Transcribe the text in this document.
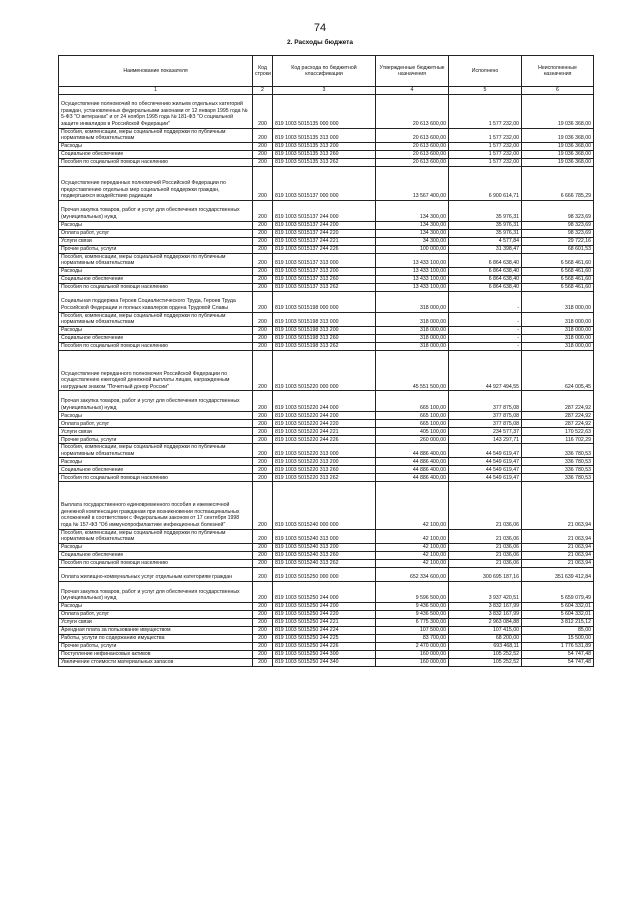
74
2. Расходы бюджета
Наименование показателя	Код строки	Код расхода по бюджетной классификации	Утвержденные бюджетные назначения	Исполнено	Неисполненные назначения
1	2	3	4	5	6
Осуществление полномочий по обеспечению жильем отдельных категорий граждан, установленных федеральными законами от 12 января 1995 года № 5-ФЗ "О ветеранах" и от 24 ноября 1995 года № 181-ФЗ "О социальной защите инвалидов в Российской Федерации"	200	819 1003 5015135 000 000	20 613 600,00	1 577 232,00	19 036 368,00
Пособия, компенсации, меры социальной поддержки по публичным нормативным обязательствам	200	819 1003 5015135 313 000	20 613 600,00	1 577 232,00	19 036 368,00
Расходы	200	819 1003 5015135 313 200	20 613 600,00	1 577 232,00	19 036 368,00
Социальное обеспечение	200	819 1003 5015135 313 260	20 613 600,00	1 577 232,00	19 036 368,00
Пособия по социальной помощи населению	200	819 1003 5015135 313 262	20 613 600,00	1 577 232,00	19 036 368,00
Осуществление переданных полномочий Российской Федерации по предоставлению отдельных мер социальной поддержки граждан, подвергшихся воздействию радиации	200	819 1003 5015137 000 000	13 567 400,00	6 900 614,71	6 666 785,29
Прочая закупка товаров, работ и услуг для обеспечения государственных (муниципальных) нужд	200	819 1003 5015137 244 000	134 300,00	35 976,31	98 323,69
Расходы	200	819 1003 5015137 244 200	134 300,00	35 976,31	98 323,69
Оплата работ, услуг	200	819 1003 5015137 244 220	134 300,00	35 976,31	98 323,69
Услуги связи	200	819 1003 5015137 244 221	34 300,00	4 577,84	29 722,16
Прочие работы, услуги	200	819 1003 5015137 244 226	100 000,00	31 398,47	68 601,53
Пособия, компенсации, меры социальной поддержки по публичным нормативным обязательствам	200	819 1003 5015137 313 000	13 433 100,00	6 864 638,40	6 568 461,60
Расходы	200	819 1003 5015137 313 200	13 433 100,00	6 864 638,40	6 568 461,60
Социальное обеспечение	200	819 1003 5015137 313 260	13 433 100,00	6 864 638,40	6 568 461,60
Пособия по социальной помощи населению	200	819 1003 5015137 313 262	13 433 100,00	6 864 638,40	6 568 461,60
Социальная поддержка Героев Социалистического Труда, Героев Труда Российской Федерации и полных кавалеров ордена Трудовой Славы	200	819 1003 5015198 000 000	318 000,00	-	318 000,00
Пособия, компенсации, меры социальной поддержки по публичным нормативным обязательствам	200	819 1003 5015198 313 000	318 000,00	-	318 000,00
Расходы	200	819 1003 5015198 313 200	318 000,00	-	318 000,00
Социальное обеспечение	200	819 1003 5015198 313 260	318 000,00	-	318 000,00
Пособия по социальной помощи населению	200	819 1003 5015198 313 262	318 000,00	-	318 000,00
Осуществление переданного полномочия Российской Федерации по осуществлению ежегодной денежной выплаты лицам, награжденным нагрудным знаком "Почетный донор России"	200	819 1003 5015220 000 000	45 551 500,00	44 927 494,55	624 005,45
Прочая закупка товаров, работ и услуг для обеспечения государственных (муниципальных) нужд	200	819 1003 5015220 244 000	665 100,00	377 875,08	287 224,92
Расходы	200	819 1003 5015220 244 200	665 100,00	377 875,08	287 224,92
Оплата работ, услуг	200	819 1003 5015220 244 220	665 100,00	377 875,08	287 224,92
Услуги связи	200	819 1003 5015220 244 221	405 100,00	234 577,37	170 522,63
Прочие работы, услуги	200	819 1003 5015220 244 226	260 000,00	143 297,71	116 702,29
Пособия, компенсации, меры социальной поддержки по публичным нормативным обязательствам	200	819 1003 5015220 313 000	44 886 400,00	44 549 619,47	336 780,53
Расходы	200	819 1003 5015220 313 200	44 886 400,00	44 549 619,47	336 780,53
Социальное обеспечение	200	819 1003 5015220 313 260	44 886 400,00	44 549 619,47	336 780,53
Пособия по социальной помощи населению	200	819 1003 5015220 313 262	44 886 400,00	44 549 619,47	336 780,53
Выплата государственного единовременного пособия и ежемесячной денежной компенсации гражданам при возникновении поствакцинальных осложнений в соответствии с Федеральным законом от 17 сентября 1998 года № 157-ФЗ "Об иммунопрофилактике инфекционных болезней"	200	819 1003 5015240 000 000	42 100,00	21 036,06	21 063,94
Пособия, компенсации, меры социальной поддержки по публичным нормативным обязательствам	200	819 1003 5015240 313 000	42 100,00	21 036,06	21 063,94
Расходы	200	819 1003 5015240 313 200	42 100,00	21 036,06	21 063,94
Социальное обеспечение	200	819 1003 5015240 313 260	42 100,00	21 036,06	21 063,94
Пособия по социальной помощи населению	200	819 1003 5015240 313 262	42 100,00	21 036,06	21 063,94
Оплата жилищно-коммунальных услуг отдельным категориям граждан	200	819 1003 5015250 000 000	652 334 600,00	300 695 187,16	351 639 412,84
Прочая закупка товаров, работ и услуг для обеспечения государственных (муниципальных) нужд	200	819 1003 5015250 244 000	9 596 500,00	3 937 420,51	5 659 079,49
Расходы	200	819 1003 5015250 244 200	9 436 500,00	3 832 167,99	5 604 332,01
Оплата работ, услуг	200	819 1003 5015250 244 220	9 436 500,00	3 832 167,99	5 604 332,01
Услуги связи	200	819 1003 5015250 244 221	6 775 300,00	2 963 084,88	3 812 215,12
Арендная плата за пользование имуществом	200	819 1003 5015250 244 224	107 500,00	107 415,00	85,00
Работы, услуги по содержанию имущества	200	819 1003 5015250 244 225	83 700,00	68 200,00	15 500,00
Прочие работы, услуги	200	819 1003 5015250 244 226	2 470 000,00	693 468,11	1 776 531,89
Поступление нефинансовых активов	200	819 1003 5015250 244 300	160 000,00	105 252,52	54 747,48
Увеличение стоимости материальных запасов	200	819 1003 5015250 244 340	160 000,00	105 252,52	54 747,48
